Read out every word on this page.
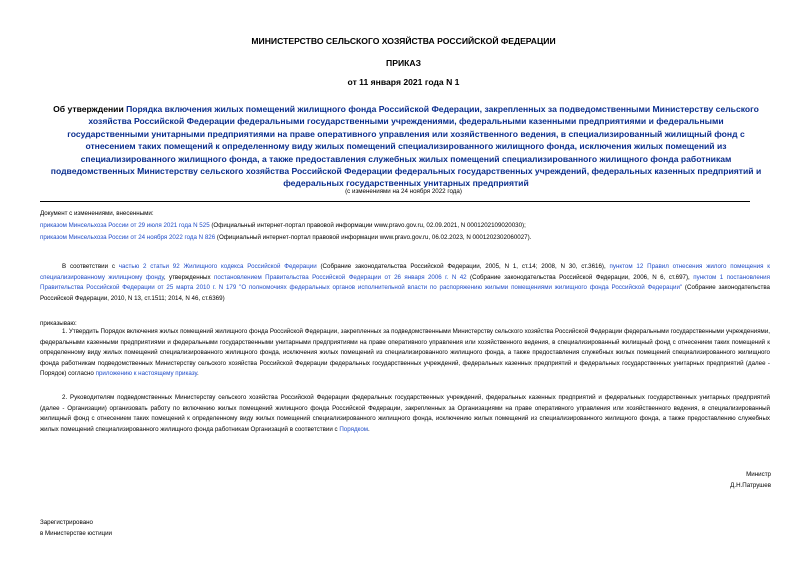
МИНИСТЕРСТВО СЕЛЬСКОГО ХОЗЯЙСТВА РОССИЙСКОЙ ФЕДЕРАЦИИ
ПРИКАЗ
от 11 января 2021 года N 1
Об утверждении Порядка включения жилых помещений жилищного фонда Российской Федерации, закрепленных за подведомственными Министерству сельского хозяйства Российской Федерации федеральными государственными учреждениями, федеральными казенными предприятиями и федеральными государственными унитарными предприятиями на праве оперативного управления или хозяйственного ведения, в специализированный жилищный фонд с отнесением таких помещений к определенному виду жилых помещений специализированного жилищного фонда, исключения жилых помещений из специализированного жилищного фонда, а также предоставления служебных жилых помещений специализированного жилищного фонда работникам подведомственных Министерству сельского хозяйства Российской Федерации федеральных государственных учреждений, федеральных казенных предприятий и федеральных государственных унитарных предприятий
(с изменениями на 24 ноября 2022 года)
Документ с изменениями, внесенными:
приказом Минсельхоза России от 29 июля 2021 года N 525 (Официальный интернет-портал правовой информации www.pravo.gov.ru, 02.09.2021, N 0001202109020030);
приказом Минсельхоза России от 24 ноября 2022 года N 826 (Официальный интернет-портал правовой информации www.pravo.gov.ru, 06.02.2023, N 0001202302060027).
В соответствии с частью 2 статьи 92 Жилищного кодекса Российской Федерации (Собрание законодательства Российской Федерации, 2005, N 1, ст.14; 2008, N 30, ст.3616), пунктом 12 Правил отнесения жилого помещения к специализированному жилищному фонду, утвержденных постановлением Правительства Российской Федерации от 26 января 2006 г. N 42 (Собрание законодательства Российской Федерации, 2006, N 6, ст.697), пунктом 1 постановления Правительства Российской Федерации от 25 марта 2010 г. N 179 "О полномочиях федеральных органов исполнительной власти по распоряжению жилыми помещениями жилищного фонда Российской Федерации" (Собрание законодательства Российской Федерации, 2010, N 13, ст.1511; 2014, N 46, ст.6369)
приказываю:
1. Утвердить Порядок включения жилых помещений жилищного фонда Российской Федерации, закрепленных за подведомственными Министерству сельского хозяйства Российской Федерации федеральными государственными учреждениями, федеральными казенными предприятиями и федеральными государственными унитарными предприятиями на праве оперативного управления или хозяйственного ведения, в специализированный жилищный фонд с отнесением таких помещений к определенному виду жилых помещений специализированного жилищного фонда, исключения жилых помещений из специализированного жилищного фонда, а также предоставления служебных жилых помещений специализированного жилищного фонда работникам подведомственных Министерству сельского хозяйства Российской Федерации федеральных государственных учреждений, федеральных казенных предприятий и федеральных государственных унитарных предприятий (далее - Порядок) согласно приложению к настоящему приказу.
2. Руководителям подведомственных Министерству сельского хозяйства Российской Федерации федеральных государственных учреждений, федеральных казенных предприятий и федеральных государственных унитарных предприятий (далее - Организации) организовать работу по включению жилых помещений жилищного фонда Российской Федерации, закрепленных за Организациями на праве оперативного управления или хозяйственного ведения, в специализированный жилищный фонд с отнесением таких помещений к определенному виду жилых помещений специализированного жилищного фонда, исключению жилых помещений из специализированного жилищного фонда, а также предоставлению служебных жилых помещений специализированного жилищного фонда работникам Организаций в соответствии с Порядком.
Министр
Д.Н.Патрушев
Зарегистрировано
в Министерстве юстиции
